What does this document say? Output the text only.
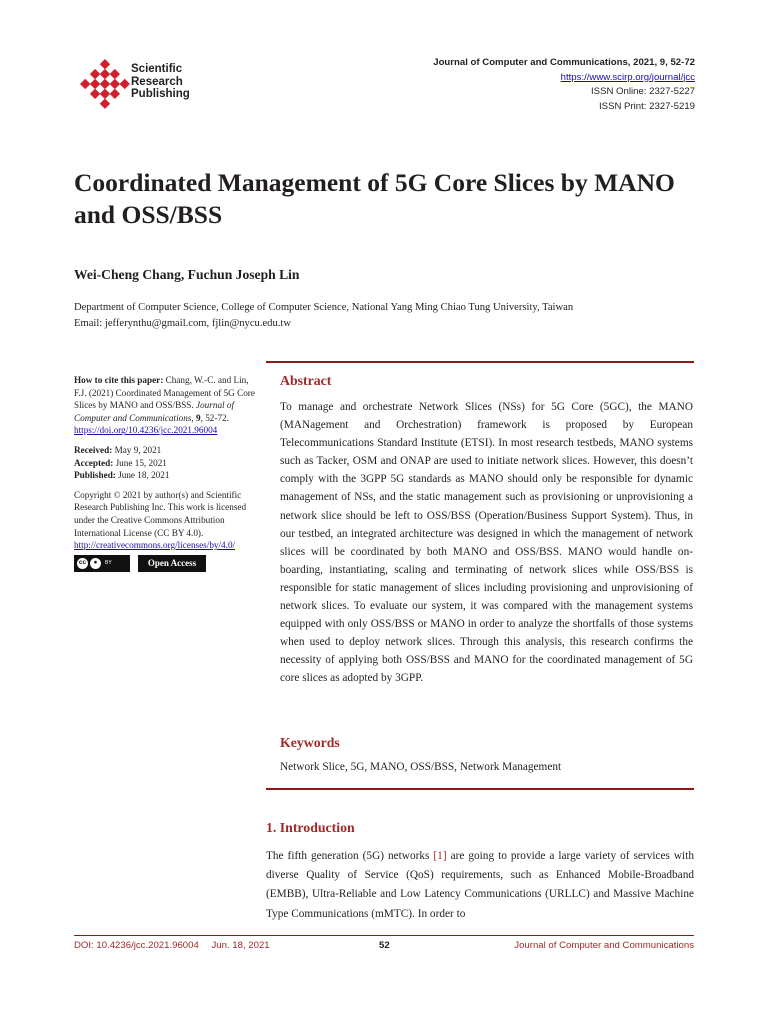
Scientific
Research
Publishing
Journal of Computer and Communications, 2021, 9, 52-72
https://www.scirp.org/journal/jcc
ISSN Online: 2327-5227
ISSN Print: 2327-5219
Coordinated Management of 5G Core Slices by MANO and OSS/BSS
Wei-Cheng Chang, Fuchun Joseph Lin
Department of Computer Science, College of Computer Science, National Yang Ming Chiao Tung University, Taiwan
Email: jefferynthu@gmail.com, fjlin@nycu.edu.tw

How to cite this paper: Chang, W.-C. and Lin, F.J. (2021) Coordinated Management of 5G Core Slices by MANO and OSS/BSS. Journal of Computer and Communications, 9, 52-72.
https://doi.org/10.4236/jcc.2021.96004

Received: May 9, 2021
Accepted: June 15, 2021
Published: June 18, 2021

Copyright © 2021 by author(s) and Scientific Research Publishing Inc. This work is licensed under the Creative Commons Attribution International License (CC BY 4.0).
http://creativecommons.org/licenses/by/4.0/

cc	●	BY	Open Access
Abstract
To manage and orchestrate Network Slices (NSs) for 5G Core (5GC), the MANO (MANagement and Orchestration) framework is proposed by European Telecommunications Standard Institute (ETSI). In most research testbeds, MANO systems such as Tacker, OSM and ONAP are used to initiate network slices. However, this doesn’t comply with the 3GPP 5G standards as MANO should only be responsible for dynamic management of NSs, and the static management such as provisioning or unprovisioning a network slice should be left to OSS/BSS (Operation/Business Support System). Thus, in our testbed, an integrated architecture was designed in which the management of network slices will be coordinated by both MANO and OSS/BSS. MANO would handle on-boarding, instantiating, scaling and terminating of network slices while OSS/BSS is responsible for static management of slices including provisioning and unprovisioning of network slices. To evaluate our system, it was compared with the management systems equipped with only OSS/BSS or MANO in order to analyze the shortfalls of those systems when used to deploy network slices. Through this analysis, this research confirms the necessity of applying both OSS/BSS and MANO for the coordinated management of 5G core slices as adopted by 3GPP.
Keywords
Network Slice, 5G, MANO, OSS/BSS, Network Management
1. Introduction
The fifth generation (5G) networks [1] are going to provide a large variety of services with diverse Quality of Service (QoS) requirements, such as Enhanced Mobile-Broadband (EMBB), Ultra-Reliable and Low Latency Communications (URLLC) and Massive Machine Type Communications (mMTC). In order to
DOI: 10.4236/jcc.2021.96004 Jun. 18, 2021	52	Journal of Computer and Communications
